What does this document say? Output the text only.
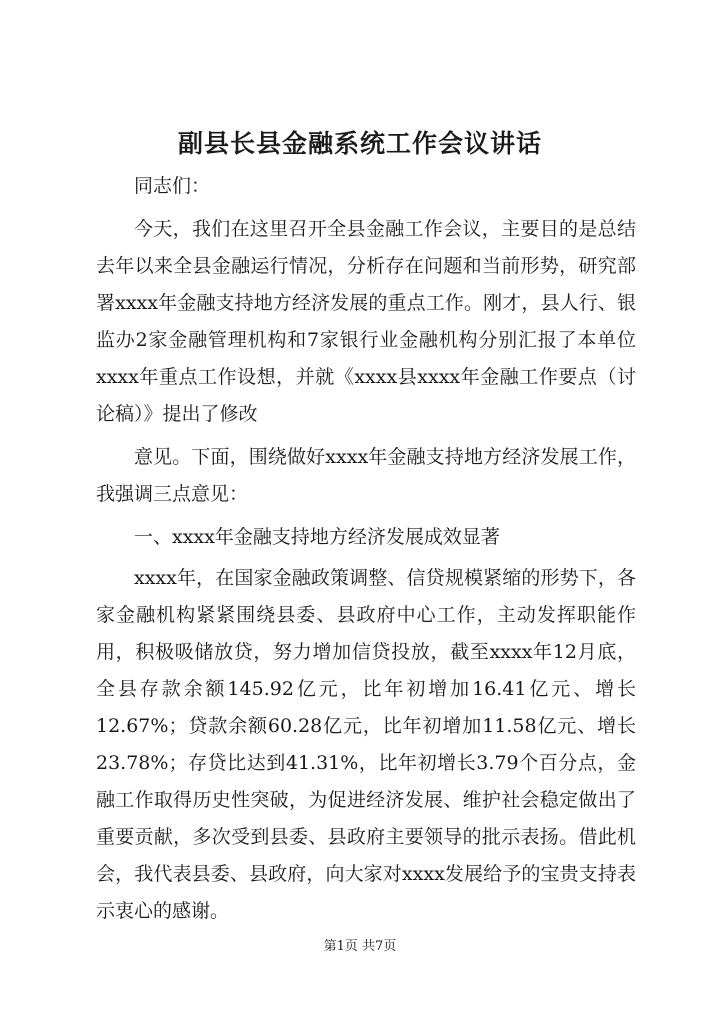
副县长县金融系统工作会议讲话

同志们：

今天，我们在这里召开全县金融工作会议，主要目的是总结去年以来全县金融运行情况，分析存在问题和当前形势，研究部署xxxx年金融支持地方经济发展的重点工作。刚才，县人行、银监办2家金融管理机构和7家银行业金融机构分别汇报了本单位xxxx年重点工作设想，并就《xxxx县xxxx年金融工作要点（讨论稿）》提出了修改

意见。下面，围绕做好xxxx年金融支持地方经济发展工作，我强调三点意见：

一、xxxx年金融支持地方经济发展成效显著

xxxx年，在国家金融政策调整、信贷规模紧缩的形势下，各家金融机构紧紧围绕县委、县政府中心工作，主动发挥职能作用，积极吸储放贷，努力增加信贷投放，截至xxxx年12月底，全县存款余额145.92亿元，比年初增加16.41亿元、增长12.67%；贷款余额60.28亿元，比年初增加11.58亿元、增长23.78%；存贷比达到41.31%，比年初增长3.79个百分点，金融工作取得历史性突破，为促进经济发展、维护社会稳定做出了重要贡献，多次受到县委、县政府主要领导的批示表扬。借此机会，我代表县委、县政府，向大家对xxxx发展给予的宝贵支持表示衷心的感谢。

第1页 共7页
